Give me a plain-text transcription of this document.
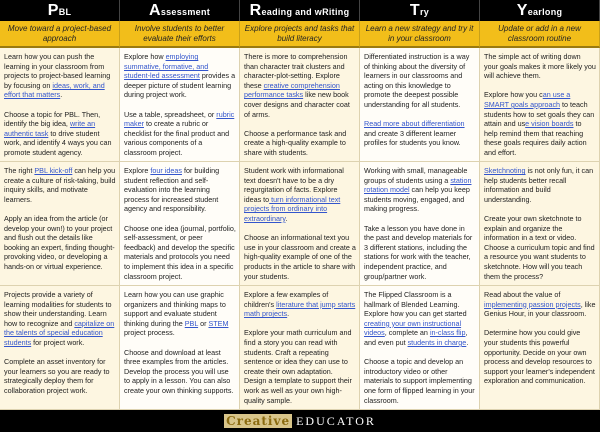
PBL
Move toward a project-based approach

Learn how you can push the learning in your classroom from projects to project-based learning by focusing on ideas, work, and effort that matters.

Choose a topic for PBL. Then, identify the big idea, write an authentic task to drive student work, and identify 4 ways you can promote student agency.

The right PBL kick-off can help you create a culture of risk-taking, build inquiry skills, and motivate learners.

Apply an idea from the article (or develop your own!) to your project and flush out the details like booking an expert, finding thought-provoking video, or developing a hands-on or virtual experience.

Projects provide a variety of learning modalities for students to show their understanding. Learn how to recognize and capitalize on the talents of special education students for project work.

Complete an asset inventory for your learners so you are ready to strategically deploy them for collaboration project work.

Assessment
Involve students to better evaluate their efforts

Explore how employing summative, formative, and student-led assessment provides a deeper picture of student learning during project work.

Use a table, spreadsheet, or rubric maker to create a rubric or checklist for the final product and various components of a classroom project.

Explore four ideas for building student reflection and self-evaluation into the learning process for increased student agency and responsibility.

Choose one idea (journal, portfolio, self-assessment, or peer feedback) and develop the specific materials and protocols you need to implement this idea in a specific classroom project.

Learn how you can use graphic organizers and thinking maps to support and evaluate student thinking during the PBL or STEM project process.

Choose and download at least three examples from the articles. Develop the process you will use to apply in a lesson. You can also create your own thinking supports.

Reading and wRiting
Explore projects and tasks that build literacy

There is more to comprehension than character trait clusters and character-plot-setting. Explore these creative comprehension performance tasks like new book cover designs and character coat of arms.

Choose a performance task and create a high-quality example to share with students.

Student work with informational text doesn't have to be a dry regurgitation of facts. Explore ideas to turn informational text projects from ordinary into extraordinary.

Choose an informational text you use in your classroom and create a high-quality example of one of the products in the article to share with your students.

Explore a few examples of children's literature that jump starts math projects.

Explore your math curriculum and find a story you can read with students. Craft a repeating sentence or idea they can use to create their own adaptation. Design a template to support their work as well as your own high-quality sample.

Try
Learn a new strategy and try it in your classroom

Differentiated instruction is a way of thinking about the diversity of learners in our classrooms and acting on this knowledge to promote the deepest possible understanding for all students.

Read more about differentiation and create 3 different learner profiles for students you know.

Working with small, manageable groups of students using a station rotation model can help you keep students moving, engaged, and making progress.

Take a lesson you have done in the past and develop materials for 3 different stations, including the stations for work with the teacher, independent practice, and group/partner work.

The Flipped Classroom is a hallmark of Blended Learning. Explore how you can get started creating your own instructional videos, complete an in-class flip, and even put students in charge.

Choose a topic and develop an introductory video or other materials to support implementing one form of flipped learning in your classroom.

Yearlong
Update or add in a new classroom routine

The simple act of writing down your goals makes it more likely you will achieve them.

Explore how you can use a SMART goals approach to teach students how to set goals they can attain and use vision boards to help remind them that reaching these goals requires daily action and effort.

Sketchnoting is not only fun, it can help students better recall information and build understanding.

Create your own sketchnote to explain and organize the information in a text or video. Choose a curriculum topic and find a resource you want students to sketchnote. How will you teach them the process?

Read about the value of implementing passion projects, like Genius Hour, in your classroom.

Determine how you could give your students this powerful opportunity. Decide on your own process and develop resources to support your learner's independent exploration and communication.

Creative EDUCATOR
